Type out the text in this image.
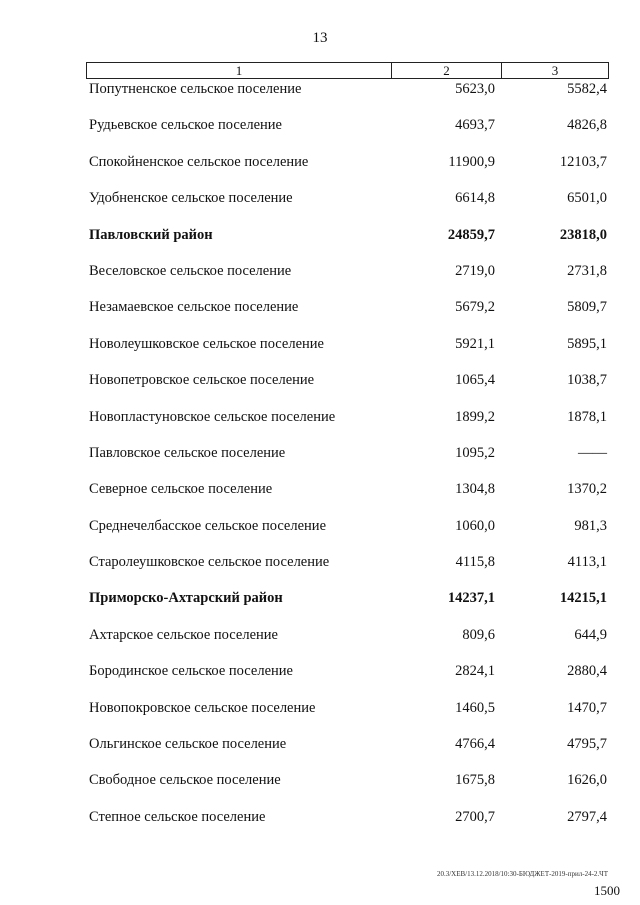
13
1	2	3
Попутненское сельское поселение	5623,0	5582,4
Рудьевское сельское поселение	4693,7	4826,8
Спокойненское сельское поселение	11900,9	12103,7
Удобненское сельское поселение	6614,8	6501,0
Павловский район	24859,7	23818,0
Веселовское сельское поселение	2719,0	2731,8
Незамаевское сельское поселение	5679,2	5809,7
Новолеушковское сельское поселение	5921,1	5895,1
Новопетровское сельское поселение	1065,4	1038,7
Новопластуновское сельское поселение	1899,2	1878,1
Павловское сельское поселение	1095,2	——
Северное сельское поселение	1304,8	1370,2
Среднечелбасское сельское поселение	1060,0	981,3
Старолеушковское сельское поселение	4115,8	4113,1
Приморско-Ахтарский район	14237,1	14215,1
Ахтарское сельское поселение	809,6	644,9
Бородинское сельское поселение	2824,1	2880,4
Новопокровское сельское поселение	1460,5	1470,7
Ольгинское сельское поселение	4766,4	4795,7
Свободное сельское поселение	1675,8	1626,0
Степное сельское поселение	2700,7	2797,4
20.3/ХЕВ/13.12.2018/10:30-БЮДЖЕТ-2019-прил-24-2.ЧТ
1500
